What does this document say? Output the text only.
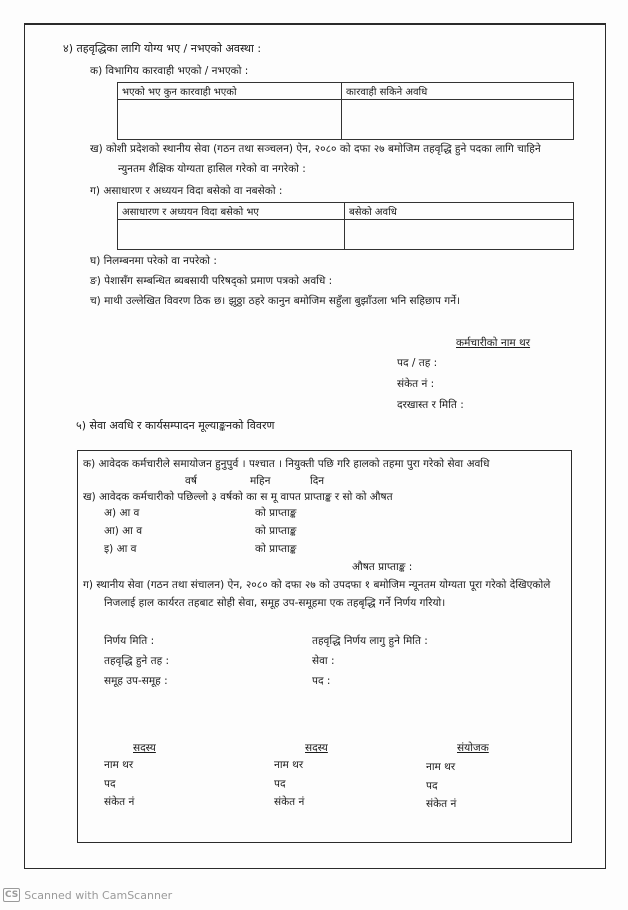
४) तहवृद्धिका लागि योग्य भए / नभएको अवस्था :
क) विभागिय कारवाही भएको / नभएको :
भएको भए कुन कारवाही भएको	कारवाही सकिने अवधि

ख) कोशी प्रदेशको स्थानीय सेवा (गठन तथा सञ्चलन) ऐन, २०८० को दफा २७ बमोजिम तहवृद्धि हुने पदका लागि चाहिने
न्युनतम शैक्षिक योग्यता हासिल गरेको वा नगरेको :
ग) असाधारण र अध्ययन विदा बसेको वा नबसेको :
असाधारण र अध्ययन विदा बसेको भए	बसेको अवधि

घ) निलम्बनमा परेको वा नपरेको :
ङ) पेशासँग सम्बन्धित ब्यबसायी परिषद्को प्रमाण पत्रको अवधि :
च) माथी उल्लेखित विवरण ठिक छ। झुठ्ठा ठहरे कानुन बमोजिम सहुँला बुझाँउला भनि सहिछाप गर्ने।
कर्मचारीको नाम थर
पद / तह :
संकेत नं :
दरखास्त र मिति :
५) सेवा अवधि र कार्यसम्पादन मूल्याङ्कनको विवरण
क) आवेदक कर्मचारीले समायोजन हुनुपुर्व । पश्चात । नियुक्ती पछि गरि हालको तहमा पुरा गरेको सेवा अवधि
वर्ष	महिन	दिन
ख) आवेदक कर्मचारीको पछिल्लो ३ वर्षको का स मू वापत प्राप्ताङ्क र सो को औषत
अ) आ व	को प्राप्ताङ्क
आ) आ व	को प्राप्ताङ्क
इ) आ व	को प्राप्ताङ्क
औषत प्राप्ताङ्क :
ग) स्थानीय सेवा (गठन तथा संचालन) ऐन, २०८० को दफा २७ को उपदफा १ बमोजिम न्यूनतम योग्यता पूरा गरेको देखिएकोले
निजलाई हाल कार्यरत तहबाट सोही सेवा, समूह उप-समूहमा एक तहबृद्धि गर्ने निर्णय गरियो।
निर्णय मिति :
तहवृद्धि हुने तह :
समूह उप-समूह :
तहवृद्धि निर्णय लागु हुने मिति :
सेवा :
पद :
सदस्य
नाम थर
पद
संकेत नं
सदस्य
नाम थर
पद
संकेत नं
संयोजक
नाम थर
पद
संकेत नं
CS Scanned with CamScanner
